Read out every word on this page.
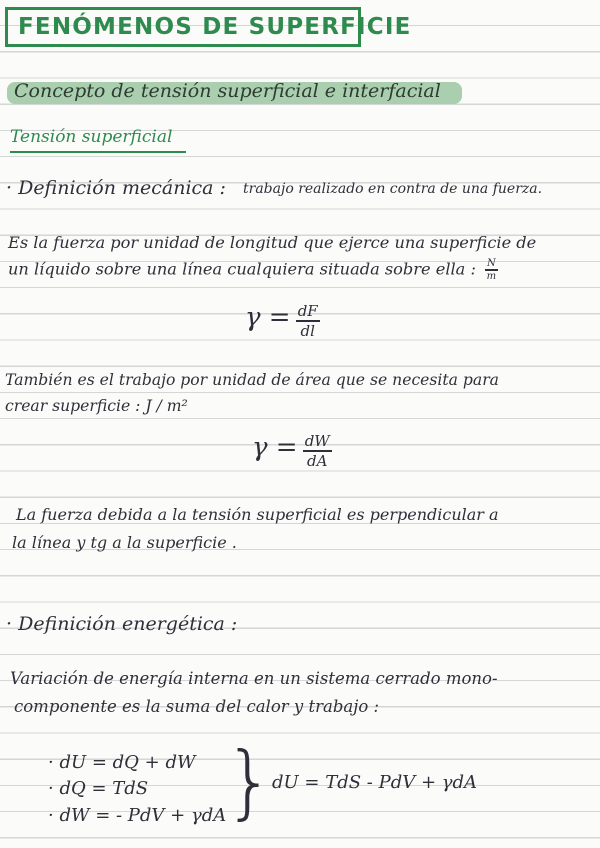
FENÓMENOS DE SUPERFICIE
Concepto de tensión superficial e interfacial
Tensión superficial
· Definición mecánica : trabajo realizado en contra de una fuerza.
Es la fuerza por unidad de longitud que ejerce una superficie de
un líquido sobre una línea cualquiera situada sobre ella : $\frac{N}{m}$
$\gamma = \frac{dF}{dl}$
También es el trabajo por unidad de área que se necesita para
crear superficie : J / m²
$\gamma = \frac{dW}{dA}$
La fuerza debida a la tensión superficial es perpendicular a
la línea y tg a la superficie .
· Definición energética :
Variación de energía interna en un sistema cerrado mono-
componente es la suma del calor y trabajo :
· dU = dQ + dW
· dQ = TdS
· dW = - PdV + γdA
}
dU = TdS - PdV + γdA
